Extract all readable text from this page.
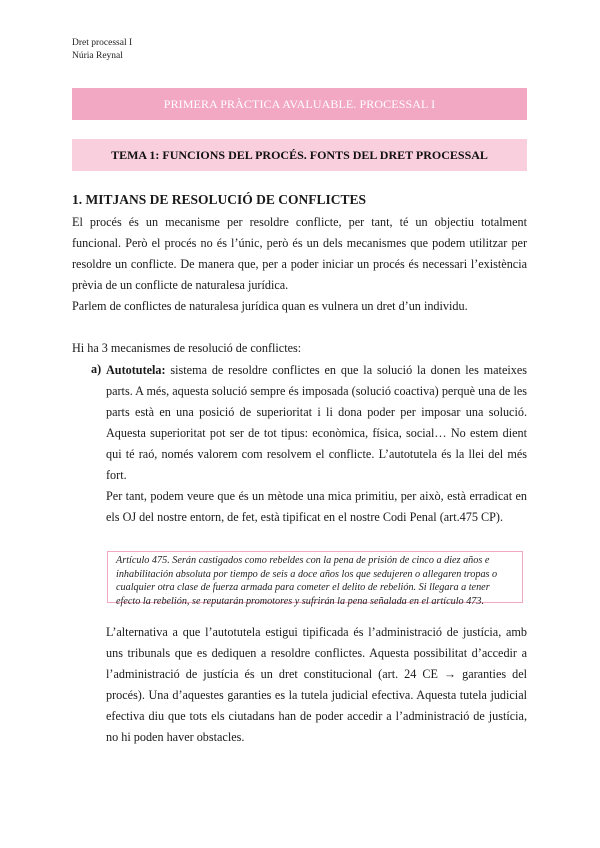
Dret processal I
Núria Reynal
PRIMERA PRÀCTICA AVALUABLE. PROCESSAL I
TEMA 1: FUNCIONS DEL PROCÉS. FONTS DEL DRET PROCESSAL
1. MITJANS DE RESOLUCIÓ DE CONFLICTES
El procés és un mecanisme per resoldre conflicte, per tant, té un objectiu totalment funcional. Però el procés no és l’únic, però és un dels mecanismes que podem utilitzar per resoldre un conflicte. De manera que, per a poder iniciar un procés és necessari l’existència prèvia de un conflicte de naturalesa jurídica.
Parlem de conflictes de naturalesa jurídica quan es vulnera un dret d’un individu.
Hi ha 3 mecanismes de resolució de conflictes:
a) Autotutela: sistema de resoldre conflictes en que la solució la donen les mateixes parts. A més, aquesta solució sempre és imposada (solució coactiva) perquè una de les parts està en una posició de superioritat i li dona poder per imposar una solució. Aquesta superioritat pot ser de tot tipus: econòmica, física, social… No estem dient qui té raó, només valorem com resolvem el conflicte. L’autotutela és la llei del més fort.
Per tant, podem veure que és un mètode una mica primitiu, per això, està erradicat en els OJ del nostre entorn, de fet, està tipificat en el nostre Codi Penal (art.475 CP).
Artículo 475. Serán castigados como rebeldes con la pena de prisión de cinco a diez años e inhabilitación absoluta por tiempo de seis a doce años los que sedujeren o allegaren tropas o cualquier otra clase de fuerza armada para cometer el delito de rebelión. Si llegara a tener efecto la rebelión, se reputarán promotores y sufrirán la pena señalada en el artículo 473.
L’alternativa a que l’autotutela estigui tipificada és l’administració de justícia, amb uns tribunals que es dediquen a resoldre conflictes. Aquesta possibilitat d’accedir a l’administració de justícia és un dret constitucional (art. 24 CE → garanties del procés). Una d’aquestes garanties es la tutela judicial efectiva. Aquesta tutela judicial efectiva diu que tots els ciutadans han de poder accedir a l’administració de justícia, no hi poden haver obstacles.
